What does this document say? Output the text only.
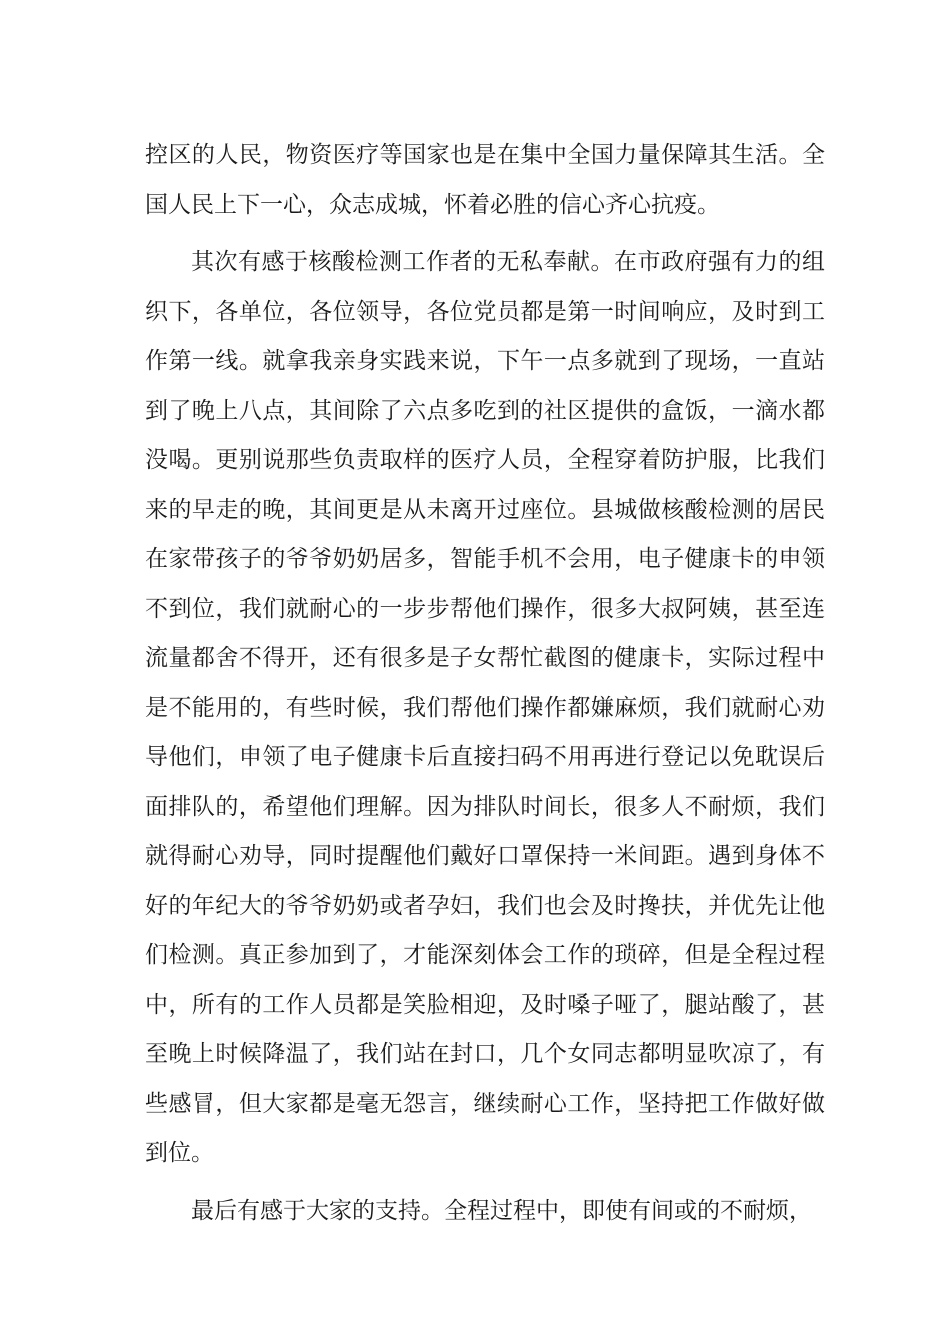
控区的人民，物资医疗等国家也是在集中全国力量保障其生活。全
国人民上下一心，众志成城，怀着必胜的信心齐心抗疫。
其次有感于核酸检测工作者的无私奉献。在市政府强有力的组
织下，各单位，各位领导，各位党员都是第一时间响应，及时到工
作第一线。就拿我亲身实践来说，下午一点多就到了现场，一直站
到了晚上八点，其间除了六点多吃到的社区提供的盒饭，一滴水都
没喝。更别说那些负责取样的医疗人员，全程穿着防护服，比我们
来的早走的晚，其间更是从未离开过座位。县城做核酸检测的居民
在家带孩子的爷爷奶奶居多，智能手机不会用，电子健康卡的申领
不到位，我们就耐心的一步步帮他们操作，很多大叔阿姨，甚至连
流量都舍不得开，还有很多是子女帮忙截图的健康卡，实际过程中
是不能用的，有些时候，我们帮他们操作都嫌麻烦，我们就耐心劝
导他们，申领了电子健康卡后直接扫码不用再进行登记以免耽误后
面排队的，希望他们理解。因为排队时间长，很多人不耐烦，我们
就得耐心劝导，同时提醒他们戴好口罩保持一米间距。遇到身体不
好的年纪大的爷爷奶奶或者孕妇，我们也会及时搀扶，并优先让他
们检测。真正参加到了，才能深刻体会工作的琐碎，但是全程过程
中，所有的工作人员都是笑脸相迎，及时嗓子哑了，腿站酸了，甚
至晚上时候降温了，我们站在封口，几个女同志都明显吹凉了，有
些感冒，但大家都是毫无怨言，继续耐心工作，坚持把工作做好做
到位。
最后有感于大家的支持。全程过程中，即使有间或的不耐烦，
